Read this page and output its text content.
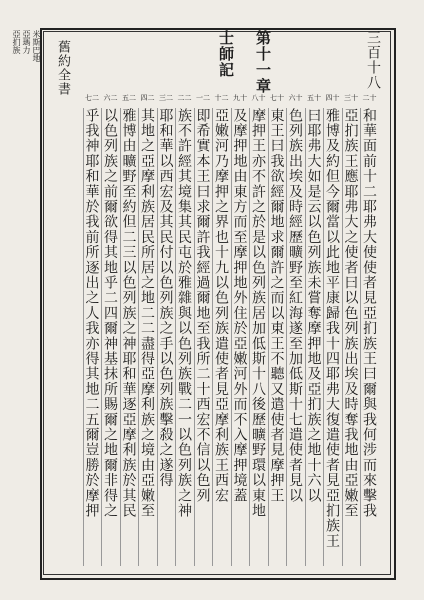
舊約全書	士師記 第十一章	三百十八
亞扪族 亞瑪力 米斯巴地
十二
十三
十四
十五
十六
十七
十八
十九
二十
二一
二二
二三
二四
二五
二六
二七
和華面前十二耶弗大使使者見亞扪族王曰爾與我何涉而來擊我
亞扪族王應耶弗大之使者曰以色列族出埃及時奪我地由亞嫩至
雅博及約但今爾當以此地平康歸我十四耶弗大復遣使者見亞扪族王
曰耶弗大如是云以色列族未嘗奪摩押地及亞扪族之地十六以
色列族出埃及時經歷曠野至紅海遂至加低斯十七遣使者見以
東王曰我欲經爾地求爾許之而以東王不聽又遣使者見摩押王
摩押王亦不許之於是以色列族居加低斯十八後歷曠野環以東地
及摩押地由東方而至摩押地外住於亞嫩河外而不入摩押境蓋
亞嫩河乃摩押之界也十九以色列族遣使者見亞摩利族王西宏
即希實本王曰求爾許我經過爾地至我所二十西宏不信以色列
族不許經其境集其民屯於雅雜與以色列族戰二一以色列族之神
耶和華以西宏及其民付以色列族之手以色列族擊殺之遂得
其地之亞摩利族居民所居之地二二盡得亞摩利族之境由亞嫩至
雅博由曠野至約但二三以色列族之神耶和華逐亞摩利族於其民
以色列族之前爾欲得其地乎二四爾神基抹所賜爾之地爾非得之
乎我神耶和華於我前所逐出之人我亦得其地二五爾豈勝於摩押
